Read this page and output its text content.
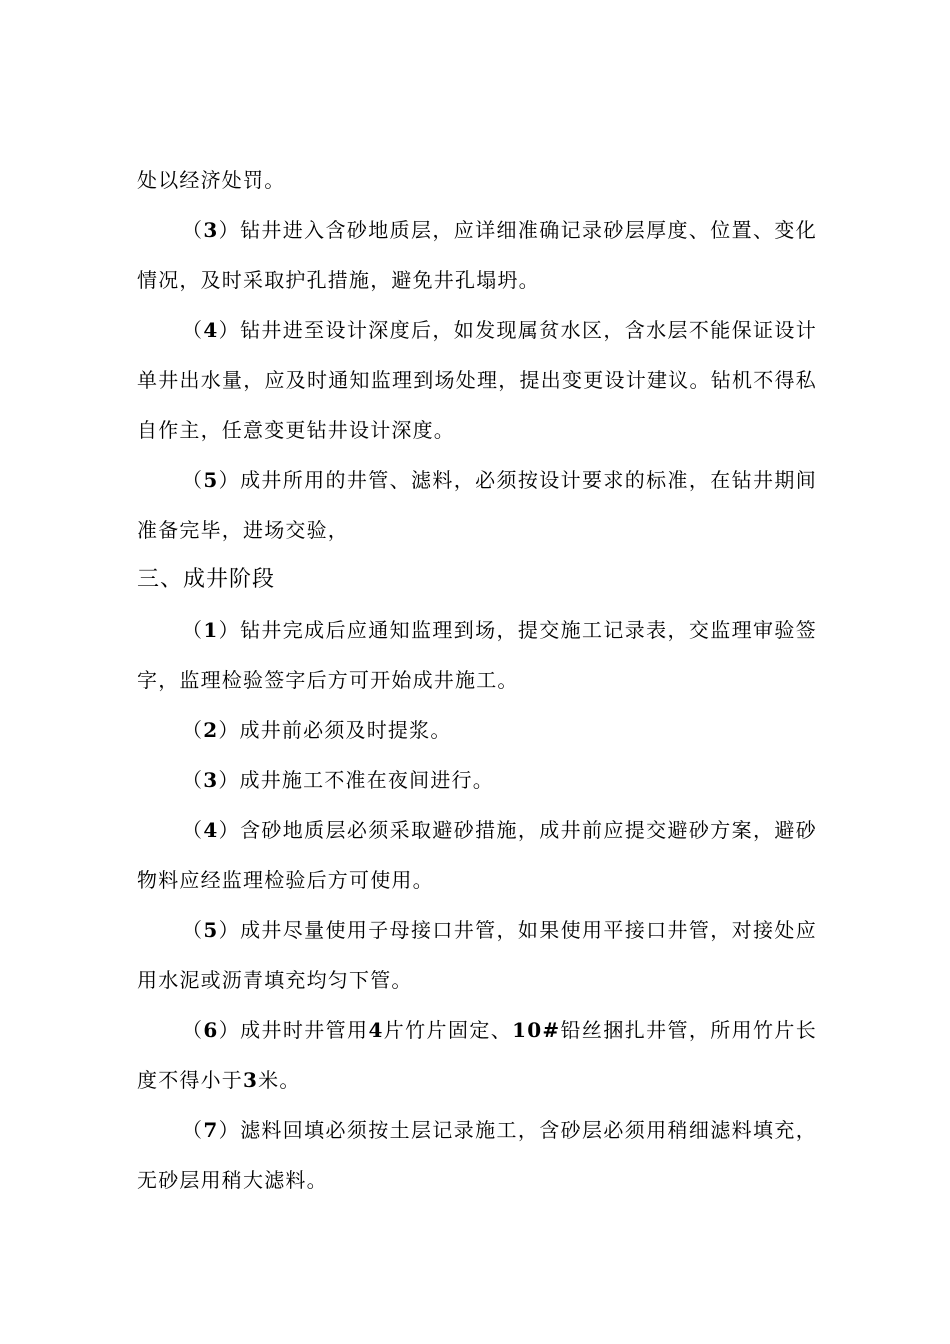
处以经济处罚。

（3）钻井进入含砂地质层，应详细准确记录砂层厚度、位置、变化情况，及时采取护孔措施，避免井孔塌坍。

（4）钻井进至设计深度后，如发现属贫水区，含水层不能保证设计单井出水量，应及时通知监理到场处理，提出变更设计建议。钻机不得私自作主，任意变更钻井设计深度。

（5）成井所用的井管、滤料，必须按设计要求的标准，在钻井期间准备完毕，进场交验，

三、成井阶段

（1）钻井完成后应通知监理到场，提交施工记录表，交监理审验签字，监理检验签字后方可开始成井施工。

（2）成井前必须及时提浆。

（3）成井施工不准在夜间进行。

（4）含砂地质层必须采取避砂措施，成井前应提交避砂方案，避砂物料应经监理检验后方可使用。

（5）成井尽量使用子母接口井管，如果使用平接口井管，对接处应用水泥或沥青填充均匀下管。

（6）成井时井管用4片竹片固定、10#铅丝捆扎井管，所用竹片长度不得小于3米。

（7）滤料回填必须按土层记录施工，含砂层必须用稍细滤料填充，无砂层用稍大滤料。
